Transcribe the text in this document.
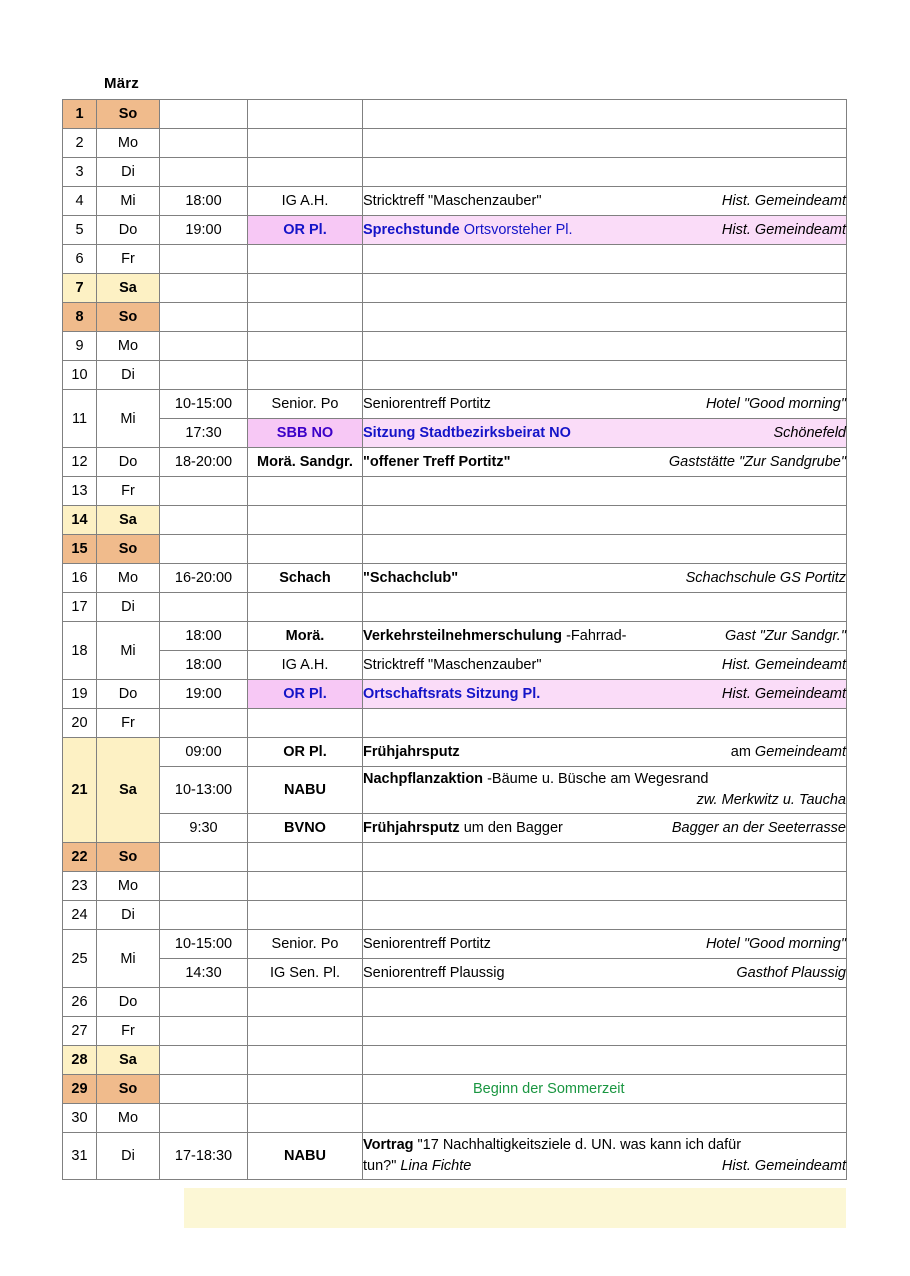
März
1	So			
2	Mo			
3	Di			
4	Mi	18:00	IG A.H.	Stricktreff "Maschenzauber" Hist. Gemeindeamt

5	Do	19:00	OR Pl.	Sprechstunde Ortsvorsteher Pl. Hist. Gemeindeamt

6	Fr			
7	Sa			
8	So			
9	Mo			
10	Di			
11	Mi	10-15:00	Senior. Po	Seniorentreff Portitz Hotel "Good morning"

		17:30	SBB NO	Sitzung Stadtbezirksbeirat NO Schönefeld

12	Do	18-20:00	Morä. Sandgr.	"offener Treff Portitz" Gaststätte "Zur Sandgrube"

13	Fr			
14	Sa			
15	So			
16	Mo	16-20:00	Schach	"Schachclub" Schachschule GS Portitz

17	Di			
18	Mi	18:00	Morä.	Verkehrsteilnehmerschulung -Fahrrad- Gast "Zur Sandgr."

		18:00	IG A.H.	Stricktreff "Maschenzauber" Hist. Gemeindeamt

19	Do	19:00	OR Pl.	Ortschaftsrats Sitzung Pl. Hist. Gemeindeamt

20	Fr			
21	Sa	09:00	OR Pl.	Frühjahrsputz am Gemeindeamt

		10-13:00	NABU	Nachpflanzaktion -Bäume u. Büsche am Wegesrand
zw. Merkwitz u. Taucha

		9:30	BVNO	Frühjahrsputz um den Bagger Bagger an der Seeterrasse

22	So			
23	Mo			
24	Di			
25	Mi	10-15:00	Senior. Po	Seniorentreff Portitz Hotel "Good morning"

		14:30	IG Sen. Pl.	Seniorentreff Plaussig Gasthof Plaussig

26	Do			
27	Fr			
28	Sa			
29	So			Beginn der Sommerzeit

30	Mo			
31	Di	17-18:30	NABU	Vortrag "17 Nachhaltigkeitsziele d. UN. was kann ich dafür
tun?" Lina Fichte Hist. Gemeindeamt
